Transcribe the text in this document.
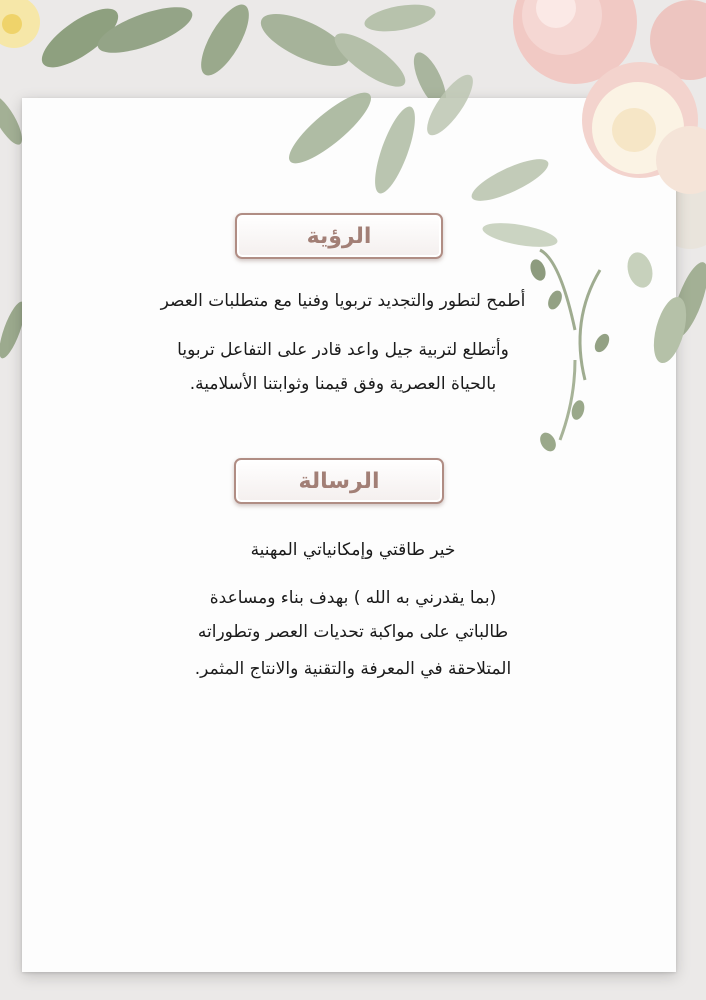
الرؤية
أطمح لتطور والتجديد تربويا وفنيا مع متطلبات العصر
وأتطلع لتربية جيل واعد قادر على التفاعل تربويا
بالحياة العصرية وفق قيمنا وثوابتنا الأسلامية.
الرسالة
خير طاقتي وإمكانياتي المهنية
(بما يقدرني به الله ) بهدف بناء ومساعدة
طالباتي على مواكبة تحديات العصر وتطوراته
المتلاحقة في المعرفة والتقنية والانتاج المثمر.
